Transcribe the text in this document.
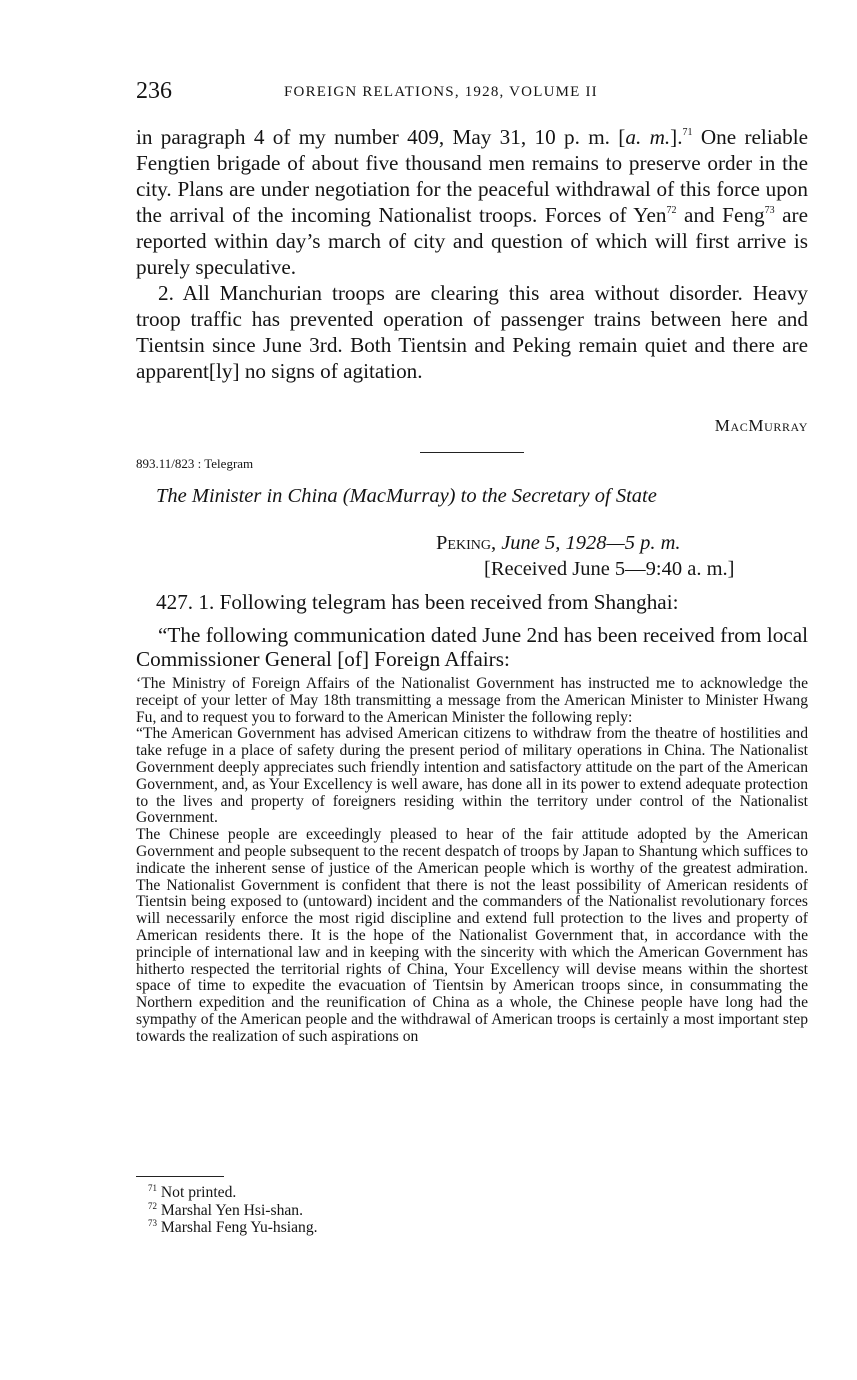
236	FOREIGN RELATIONS, 1928, VOLUME II

in paragraph 4 of my number 409, May 31, 10 p. m. [a. m.].$^{71}$ One reliable Fengtien brigade of about five thousand men remains to preserve order in the city. Plans are under negotiation for the peaceful withdrawal of this force upon the arrival of the incoming Nationalist troops. Forces of Yen$^{72}$ and Feng$^{73}$ are reported within day’s march of city and question of which will first arrive is purely speculative.

2. All Manchurian troops are clearing this area without disorder. Heavy troop traffic has prevented operation of passenger trains between here and Tientsin since June 3rd. Both Tientsin and Peking remain quiet and there are apparent[ly] no signs of agitation.

MacMurray
893.11/823 : Telegram
The Minister in China (MacMurray) to the Secretary of State
Peking, June 5, 1928—5 p. m.
[Received June 5—9:40 a. m.]
427. 1. Following telegram has been received from Shanghai:

“The following communication dated June 2nd has been received from local Commissioner General [of] Foreign Affairs:

‘The Ministry of Foreign Affairs of the Nationalist Government has instructed me to acknowledge the receipt of your letter of May 18th transmitting a message from the American Minister to Minister Hwang Fu, and to request you to forward to the American Minister the following reply:

“The American Government has advised American citizens to withdraw from the theatre of hostilities and take refuge in a place of safety during the present period of military operations in China. The Nationalist Government deeply appreciates such friendly intention and satisfactory attitude on the part of the American Government, and, as Your Excellency is well aware, has done all in its power to extend adequate protection to the lives and property of foreigners residing within the territory under control of the Nationalist Government.

The Chinese people are exceedingly pleased to hear of the fair attitude adopted by the American Government and people subsequent to the recent despatch of troops by Japan to Shantung which suffices to indicate the inherent sense of justice of the American people which is worthy of the greatest admiration. The Nationalist Government is confident that there is not the least possibility of American residents of Tientsin being exposed to (untoward) incident and the commanders of the Nationalist revolutionary forces will necessarily enforce the most rigid discipline and extend full protection to the lives and property of American residents there. It is the hope of the Nationalist Government that, in accordance with the principle of international law and in keeping with the sincerity with which the American Government has hitherto respected the territorial rights of China, Your Excellency will devise means within the shortest space of time to expedite the evacuation of Tientsin by American troops since, in consummating the Northern expedition and the reunification of China as a whole, the Chinese people have long had the sympathy of the American people and the withdrawal of American troops is certainly a most important step towards the realization of such aspirations on

$^{71}$ Not printed.

$^{72}$ Marshal Yen Hsi-shan.

$^{73}$ Marshal Feng Yu-hsiang.
